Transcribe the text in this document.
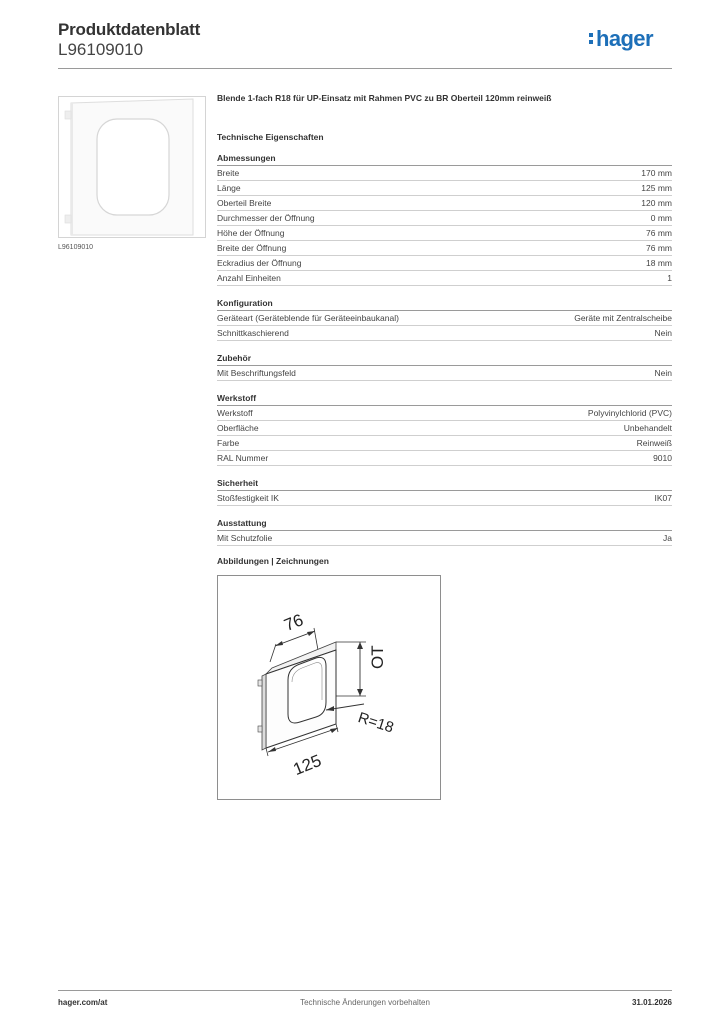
Produktdatenblatt
L96109010	hager
L96109010
Blende 1-fach R18 für UP-Einsatz mit Rahmen PVC zu BR Oberteil 120mm reinweiß
Technische Eigenschaften
Abmessungen
Breite	170 mm
Länge	125 mm
Oberteil Breite	120 mm
Durchmesser der Öffnung	0 mm
Höhe der Öffnung	76 mm
Breite der Öffnung	76 mm
Eckradius der Öffnung	18 mm
Anzahl Einheiten	1
Konfiguration
Geräteart (Geräteblende für Geräteeinbaukanal)	Geräte mit Zentralscheibe
Schnittkaschierend	Nein
Zubehör
Mit Beschriftungsfeld	Nein
Werkstoff
Werkstoff	Polyvinylchlorid (PVC)
Oberfläche	Unbehandelt
Farbe	Reinweiß
RAL Nummer	9010
Sicherheit
Stoßfestigkeit IK	IK07
Ausstattung
Mit Schutzfolie	Ja
Abbildungen | Zeichnungen
76
OT
R=18
125
Technische Änderungen vorbehalten
hager.com/at	31.01.2026
